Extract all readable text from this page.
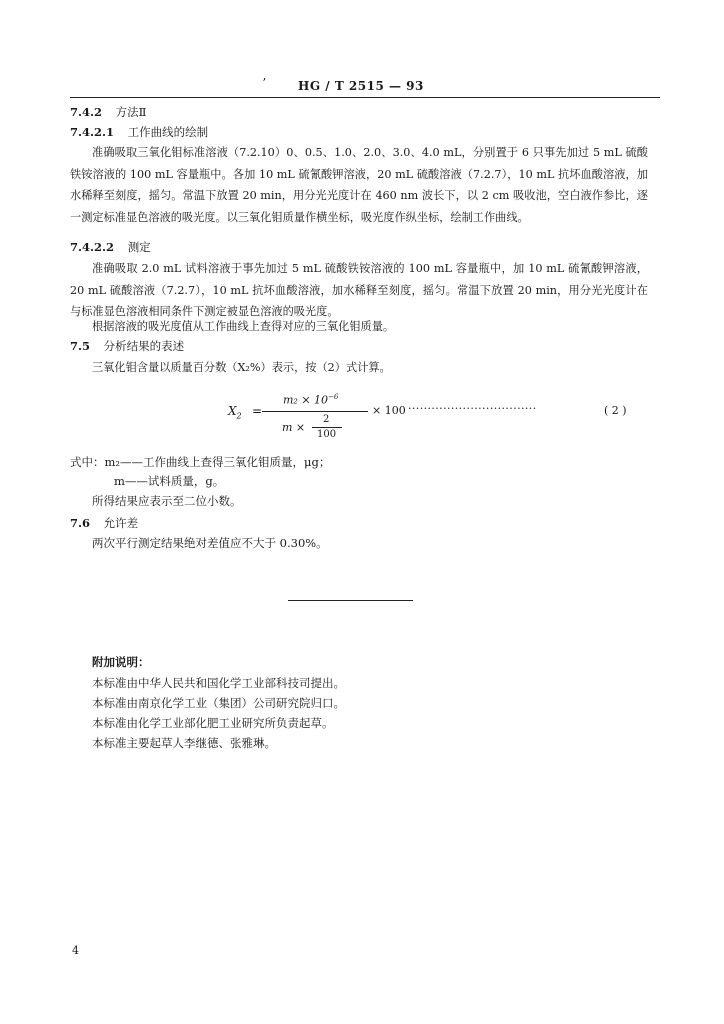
ʼ	HG / T 2515 — 93
7.4.2 方法Ⅱ
7.4.2.1 工作曲线的绘制
准确吸取三氧化钼标准溶液（7.2.10）0、0.5、1.0、2.0、3.0、4.0 mL，分别置于 6 只事先加过 5 mL 硫酸铁铵溶液的 100 mL 容量瓶中。各加 10 mL 硫氰酸钾溶液，20 mL 硫酸溶液（7.2.7），10 mL 抗坏血酸溶液，加水稀释至刻度，摇匀。常温下放置 20 min，用分光光度计在 460 nm 波长下，以 2 cm 吸收池，空白液作参比，逐一测定标准显色溶液的吸光度。以三氧化钼质量作横坐标，吸光度作纵坐标，绘制工作曲线。
7.4.2.2 测定
准确吸取 2.0 mL 试料溶液于事先加过 5 mL 硫酸铁铵溶液的 100 mL 容量瓶中，加 10 mL 硫氰酸钾溶液，20 mL 硫酸溶液（7.2.7），10 mL 抗坏血酸溶液，加水稀释至刻度，摇匀。常温下放置 20 min，用分光光度计在与标准显色溶液相同条件下测定被显色溶液的吸光度。
根据溶液的吸光度值从工作曲线上查得对应的三氧化钼质量。
7.5 分析结果的表述
三氧化钼含量以质量百分数（X₂%）表示，按（2）式计算。
$X_2$ =
$m_2 \times 10^{-6}$
m ×
2
100
× 100 ·································	( 2 )
式中：m₂——工作曲线上查得三氧化钼质量，μg；
m——试料质量，g。
所得结果应表示至二位小数。
7.6 允许差
两次平行测定结果绝对差值应不大于 0.30%。
附加说明：
本标准由中华人民共和国化学工业部科技司提出。
本标准由南京化学工业（集团）公司研究院归口。
本标准由化学工业部化肥工业研究所负责起草。
本标准主要起草人李继德、张雅琳。
4
